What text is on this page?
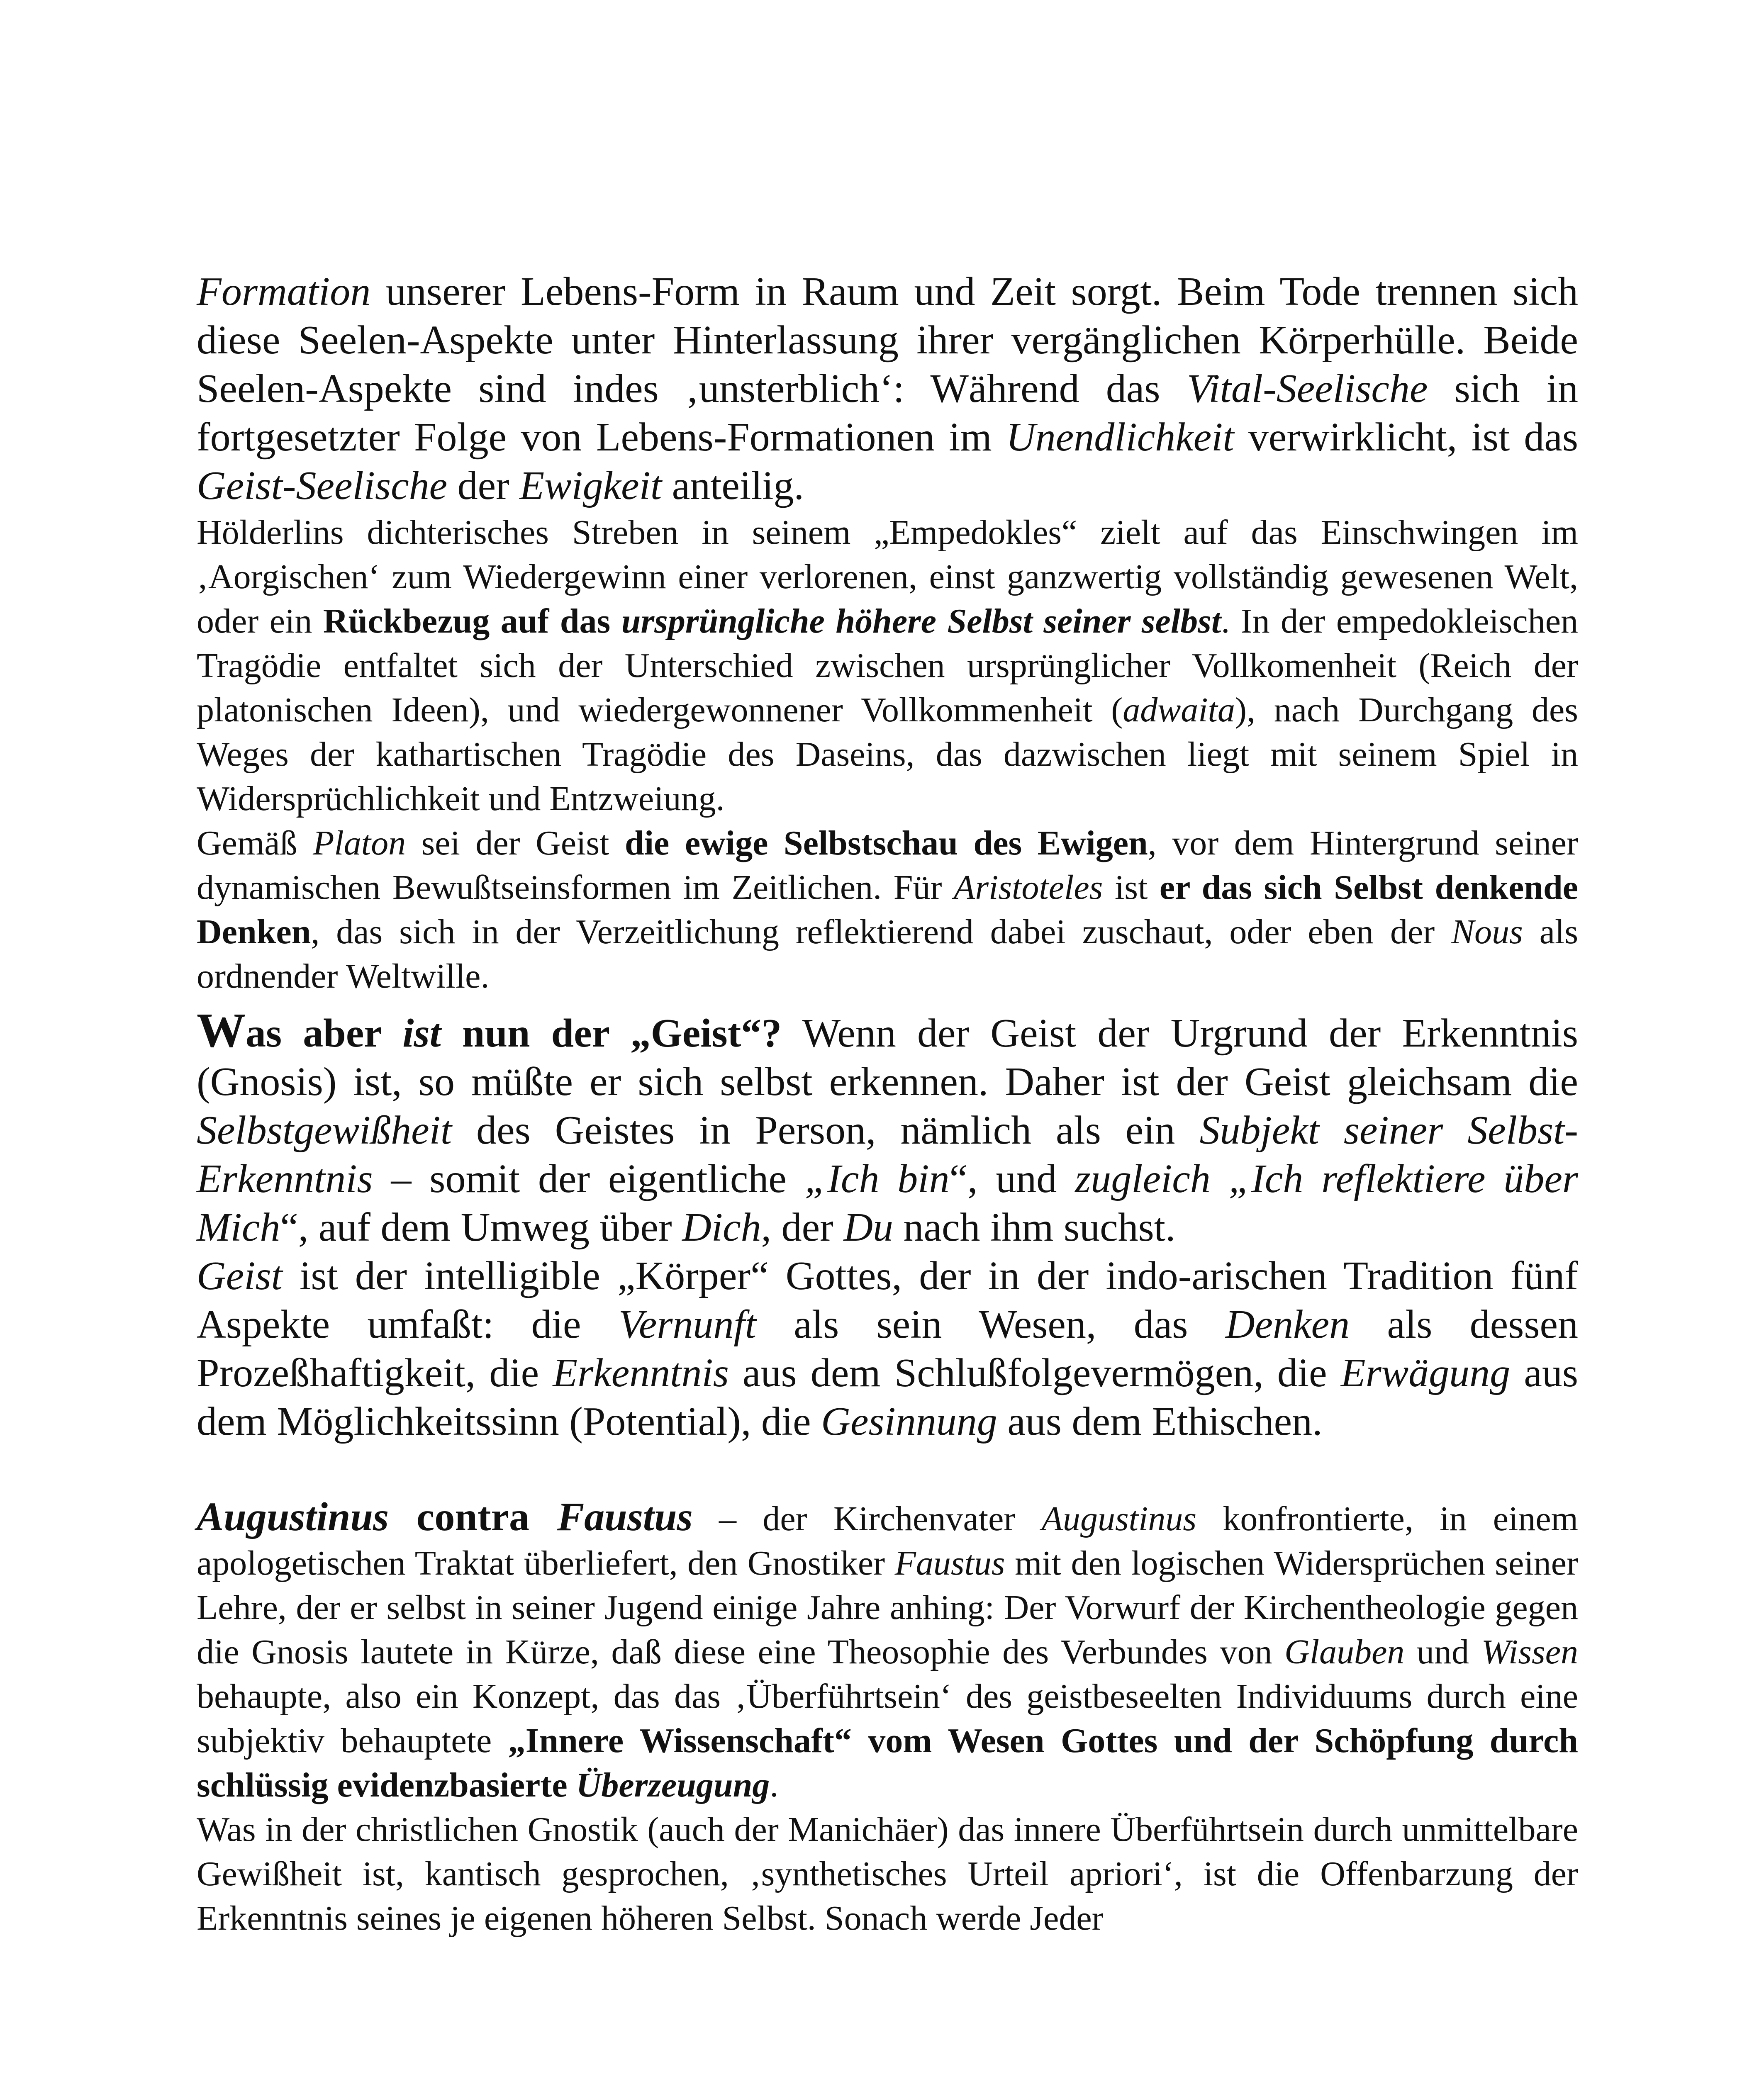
Formation unserer Lebens-Form in Raum und Zeit sorgt. Beim Tode trennen sich diese Seelen-Aspekte unter Hinterlassung ihrer vergänglichen Körperhülle. Beide Seelen-Aspekte sind indes ‚unsterblich‘: Während das Vital-Seelische sich in fortgesetzter Folge von Lebens-Formationen im Unendlichkeit verwirklicht, ist das Geist-Seelische der Ewigkeit anteilig.

Hölderlins dichterisches Streben in seinem „Empedokles“ zielt auf das Einschwingen im ‚Aorgischen‘ zum Wiedergewinn einer verlorenen, einst ganzwertig vollständig gewesenen Welt, oder ein Rückbezug auf das ursprüngliche höhere Selbst seiner selbst. In der empedokleischen Tragödie entfaltet sich der Unterschied zwischen ursprünglicher Vollkomenheit (Reich der platonischen Ideen), und wiedergewonnener Vollkommenheit (adwaita), nach Durchgang des Weges der kathartischen Tragödie des Daseins, das dazwischen liegt mit seinem Spiel in Widersprüchlichkeit und Entzweiung.

Gemäß Platon sei der Geist die ewige Selbstschau des Ewigen, vor dem Hintergrund seiner dynamischen Bewußtseinsformen im Zeitlichen. Für Aristoteles ist er das sich Selbst denkende Denken, das sich in der Verzeitlichung reflektierend dabei zuschaut, oder eben der Nous als ordnender Weltwille.

Was aber ist nun der „Geist“? Wenn der Geist der Urgrund der Erkenntnis (Gnosis) ist, so müßte er sich selbst erkennen. Daher ist der Geist gleichsam die Selbstgewißheit des Geistes in Person, nämlich als ein Subjekt seiner Selbst-Erkenntnis – somit der eigentliche „Ich bin“, und zugleich „Ich reflektiere über Mich“, auf dem Umweg über Dich, der Du nach ihm suchst.

Geist ist der intelligible „Körper“ Gottes, der in der indo-arischen Tradition fünf Aspekte umfaßt: die Vernunft als sein Wesen, das Denken als dessen Prozeßhaftigkeit, die Erkenntnis aus dem Schlußfolgevermögen, die Erwägung aus dem Möglichkeitssinn (Potential), die Gesinnung aus dem Ethischen.

Augustinus contra Faustus – der Kirchenvater Augustinus konfrontierte, in einem apologetischen Traktat überliefert, den Gnostiker Faustus mit den logischen Widersprüchen seiner Lehre, der er selbst in seiner Jugend einige Jahre anhing: Der Vorwurf der Kirchentheologie gegen die Gnosis lautete in Kürze, daß diese eine Theosophie des Verbundes von Glauben und Wissen behaupte, also ein Konzept, das das ‚Überführtsein‘ des geistbeseelten Individuums durch eine subjektiv behauptete „Innere Wissenschaft“ vom Wesen Gottes und der Schöpfung durch schlüssig evidenzbasierte Überzeugung.

Was in der christlichen Gnostik (auch der Manichäer) das innere Überführtsein durch unmittelbare Gewißheit ist, kantisch gesprochen, ‚synthetisches Urteil apriori‘, ist die Offenbarzung der Erkenntnis seines je eigenen höheren Selbst. Sonach werde Jeder
